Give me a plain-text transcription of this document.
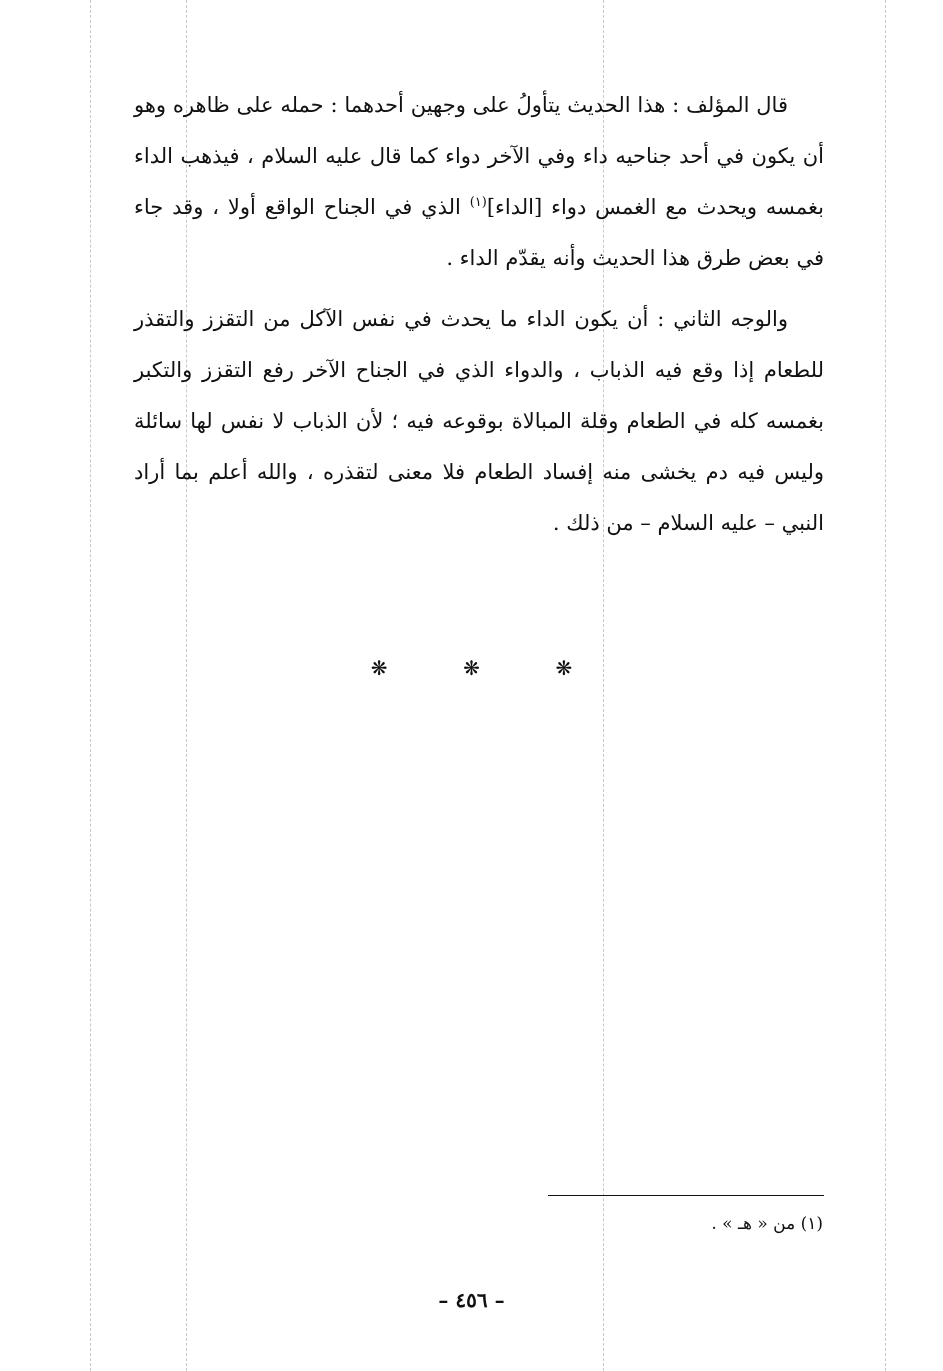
قال المؤلف : هذا الحديث يتأولُ على وجهين أحدهما : حمله على ظاهره وهو أن يكون في أحد جناحيه داء وفي الآخر دواء كما قال عليه السلام ، فيذهب الداء بغمسه ويحدث مع الغمس دواء [الداء]$^{(١)}$ الذي في الجناح الواقع أولا ، وقد جاء في بعض طرق هذا الحديث وأنه يقدّم الداء .

والوجه الثاني : أن يكون الداء ما يحدث في نفس الآكل من التقزز والتقذر للطعام إذا وقع فيه الذباب ، والدواء الذي في الجناح الآخر رفع التقزز والتكبر بغمسه كله في الطعام وقلة المبالاة بوقوعه فيه ؛ لأن الذباب لا نفس لها سائلة وليس فيه دم يخشى منه إفساد الطعام فلا معنى لتقذره ، والله أعلم بما أراد النبي – عليه السلام – من ذلك .

❋	❋	❋
(١) من « هـ » .
– ٤٥٦ –
